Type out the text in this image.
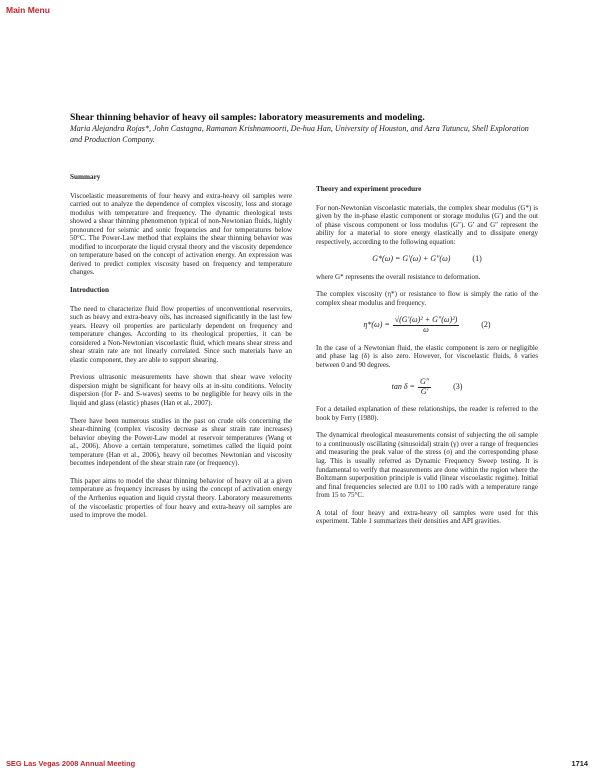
Main Menu

Shear thinning behavior of heavy oil samples: laboratory measurements and modeling.

Maria Alejandra Rojas*, John Castagna, Ramanan Krishnamoorti, De-hua Han, University of Houston, and Azra Tutuncu, Shell Exploration and Production Company.

Summary

Viscoelastic measurements of four heavy and extra-heavy oil samples were carried out to analyze the dependence of complex viscosity, loss and storage modulus with temperature and frequency. The dynamic rheological tests showed a shear thinning phenomenon typical of non-Newtonian fluids, highly pronounced for seismic and sonic frequencies and for temperatures below 50°C. The Power-Law method that explains the shear thinning behavior was modified to incorporate the liquid crystal theory and the viscosity dependence on temperature based on the concept of activation energy. An expression was derived to predict complex viscosity based on frequency and temperature changes.

Introduction

The need to characterize fluid flow properties of unconventional reservoirs, such as heavy and extra-heavy oils, has increased significantly in the last few years. Heavy oil properties are particularly dependent on frequency and temperature changes. According to its rheological properties, it can be considered a Non-Newtonian viscoelastic fluid, which means shear stress and shear strain rate are not linearly correlated. Since such materials have an elastic component, they are able to support shearing.

Previous ultrasonic measurements have shown that shear wave velocity dispersion might be significant for heavy oils at in-situ conditions. Velocity dispersion (for P- and S-waves) seems to be negligible for heavy oils in the liquid and glass (elastic) phases (Han et al., 2007).

There have been numerous studies in the past on crude oils concerning the shear-thinning (complex viscosity decrease as shear strain rate increases) behavior obeying the Power-Law model at reservoir temperatures (Wang et al., 2006). Above a certain temperature, sometimes called the liquid point temperature (Han et al., 2006), heavy oil becomes Newtonian and viscosity becomes independent of the shear strain rate (or frequency).

This paper aims to model the shear thinning behavior of heavy oil at a given temperature as frequency increases by using the concept of activation energy of the Arrhenius equation and liquid crystal theory. Laboratory measurements of the viscoelastic properties of four heavy and extra-heavy oil samples are used to improve the model.

Theory and experiment procedure

For non-Newtonian viscoelastic materials, the complex shear modulus (G*) is given by the in-phase elastic component or storage modulus (G′) and the out of phase viscous component or loss modulus (G″). G′ and G″ represent the ability for a material to store energy elastically and to dissipate energy respectively, according to the following equation:

G*(ω) = G′(ω) + G″(ω)	(1)

where G* represents the overall resistance to deformation.

The complex viscosity (η*) or resistance to flow is simply the ratio of the complex shear modulus and frequency.

$\eta*(\omega) = \frac{\text{√(G′(ω)² + G″(ω)²)}}{\omega}$	(2)

In the case of a Newtonian fluid, the elastic component is zero or negligible and phase lag (δ) is also zero. However, for viscoelastic fluids, δ varies between 0 and 90 degrees.

$\tan \delta = \frac{G''}{G'}$	(3)

For a detailed explanation of these relationships, the reader is referred to the book by Ferry (1980).

The dynamical rheological measurements consist of subjecting the oil sample to a continuously oscillating (sinusoidal) strain (γ) over a range of frequencies and measuring the peak value of the stress (σ) and the corresponding phase lag. This is usually referred as Dynamic Frequency Sweep testing. It is fundamental to verify that measurements are done within the region where the Boltzmann superposition principle is valid (linear viscoelastic regime). Initial and final frequencies selected are 0.01 to 100 rad/s with a temperature range from 15 to 75°C.

A total of four heavy and extra-heavy oil samples were used for this experiment. Table 1 summarizes their densities and API gravities.

SEG Las Vegas 2008 Annual Meeting	1714
